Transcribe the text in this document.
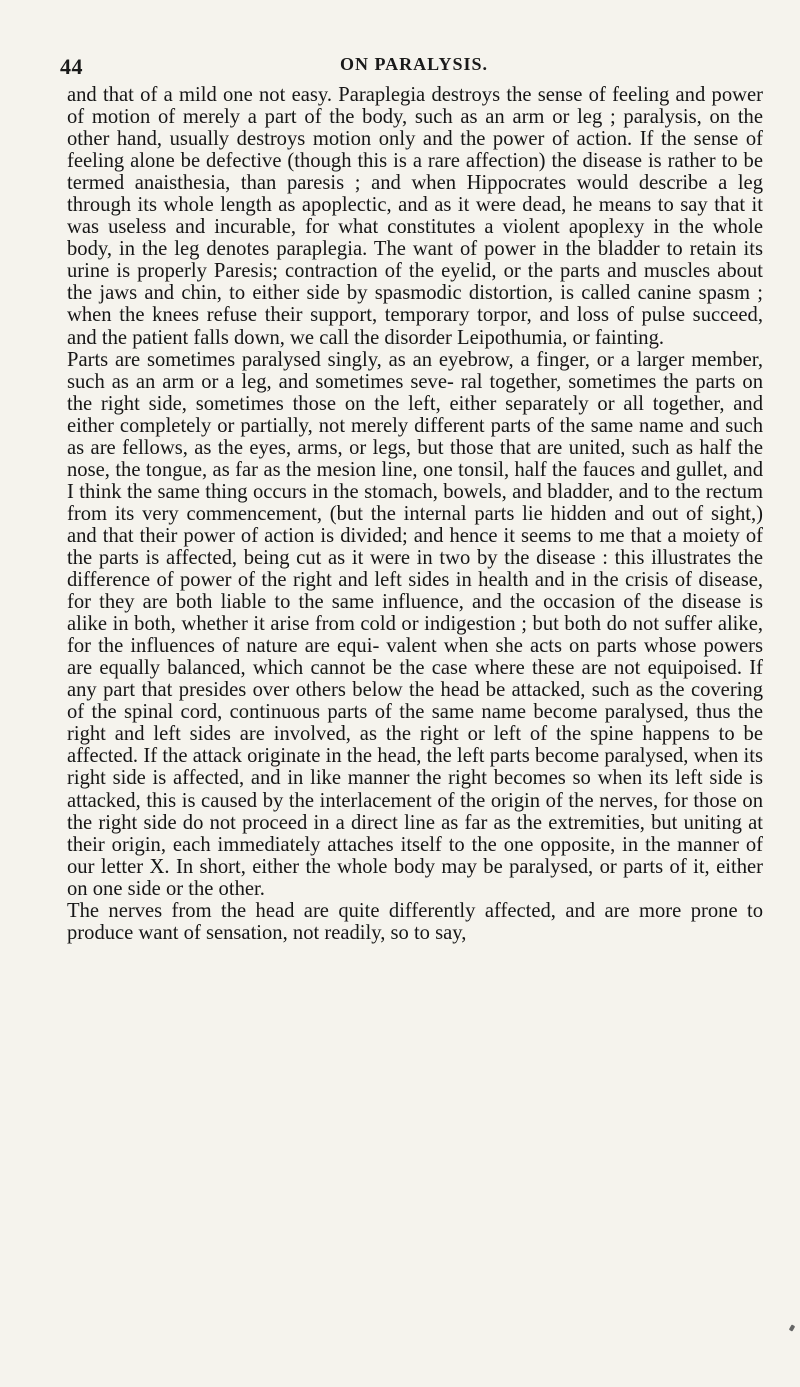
44	ON PARALYSIS.

and that of a mild one not easy. Paraplegia destroys the sense of feeling and power of motion of merely a part of the body, such as an arm or leg ; paralysis, on the other hand, usually destroys motion only and the power of action. If the sense of feeling alone be defective (though this is a rare affection) the disease is rather to be termed anaisthesia, than paresis ; and when Hippocrates would describe a leg through its whole length as apoplectic, and as it were dead, he means to say that it was useless and incurable, for what constitutes a violent apoplexy in the whole body, in the leg denotes paraplegia. The want of power in the bladder to retain its urine is properly Paresis; contraction of the eyelid, or the parts and muscles about the jaws and chin, to either side by spasmodic distortion, is called canine spasm ; when the knees refuse their support, temporary torpor, and loss of pulse succeed, and the patient falls down, we call the disorder Leipothumia, or fainting.

Parts are sometimes paralysed singly, as an eyebrow, a finger, or a larger member, such as an arm or a leg, and sometimes seve- ral together, sometimes the parts on the right side, sometimes those on the left, either separately or all together, and either completely or partially, not merely different parts of the same name and such as are fellows, as the eyes, arms, or legs, but those that are united, such as half the nose, the tongue, as far as the mesion line, one tonsil, half the fauces and gullet, and I think the same thing occurs in the stomach, bowels, and bladder, and to the rectum from its very commencement, (but the internal parts lie hidden and out of sight,) and that their power of action is divided; and hence it seems to me that a moiety of the parts is affected, being cut as it were in two by the disease : this illustrates the difference of power of the right and left sides in health and in the crisis of disease, for they are both liable to the same influence, and the occasion of the disease is alike in both, whether it arise from cold or indigestion ; but both do not suffer alike, for the influences of nature are equi- valent when she acts on parts whose powers are equally balanced, which cannot be the case where these are not equipoised. If any part that presides over others below the head be attacked, such as the covering of the spinal cord, continuous parts of the same name become paralysed, thus the right and left sides are involved, as the right or left of the spine happens to be affected. If the attack originate in the head, the left parts become paralysed, when its right side is affected, and in like manner the right becomes so when its left side is attacked, this is caused by the interlacement of the origin of the nerves, for those on the right side do not proceed in a direct line as far as the extremities, but uniting at their origin, each immediately attaches itself to the one opposite, in the manner of our letter X. In short, either the whole body may be paralysed, or parts of it, either on one side or the other.

The nerves from the head are quite differently affected, and are more prone to produce want of sensation, not readily, so to say,
